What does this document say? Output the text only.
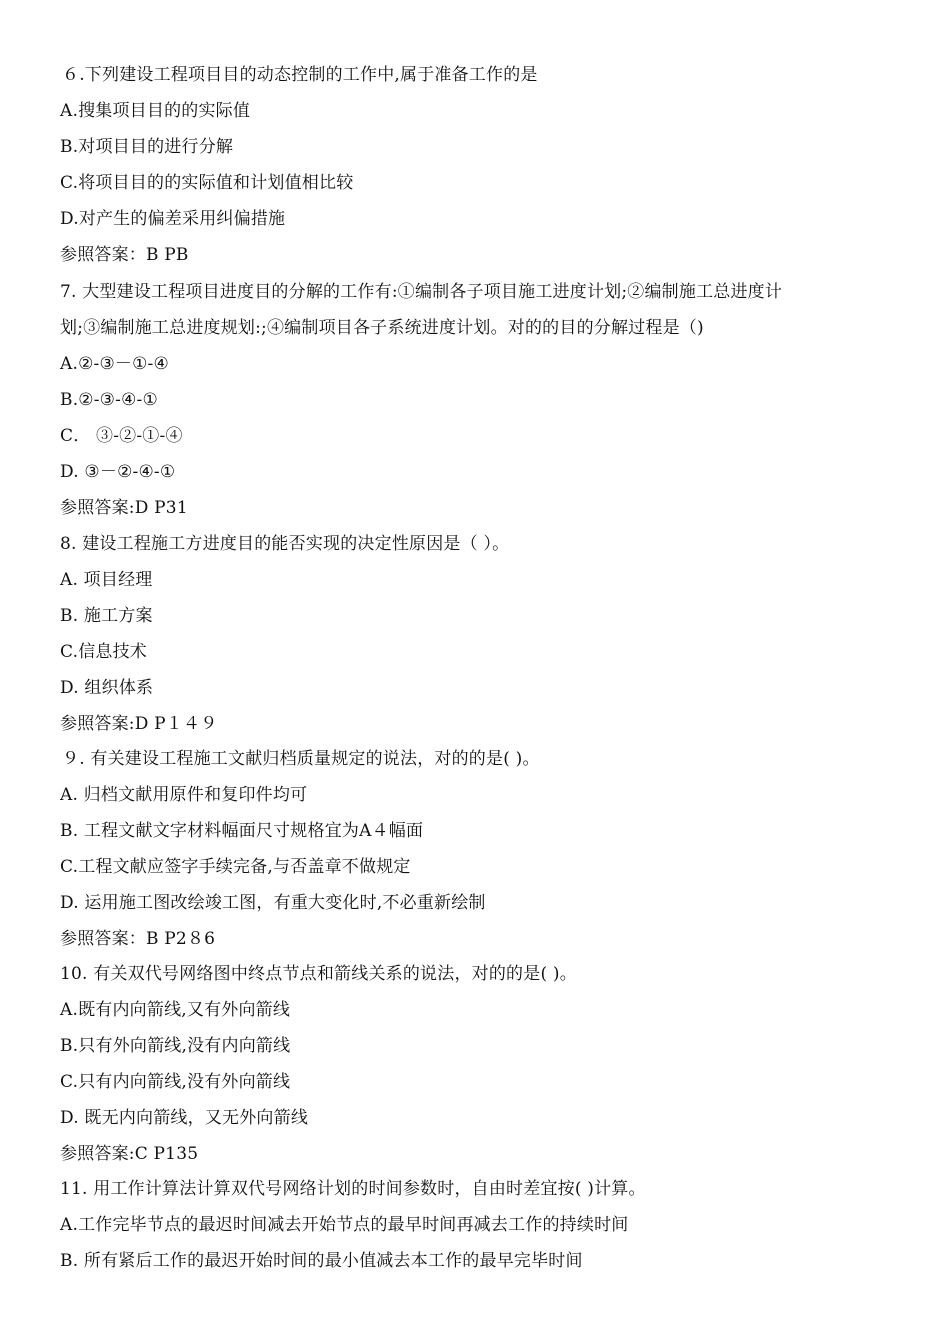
６.下列建设工程项目目的动态控制的工作中,属于准备工作的是
A.搜集项目目的的实际值
B.对项目目的进行分解
C.将项目目的的实际值和计划值相比较
D.对产生的偏差采用纠偏措施
参照答案：B PB
7. 大型建设工程项目进度目的分解的工作有:①编制各子项目施工进度计划;②编制施工总进度计
划;③编制施工总进度规划:;④编制项目各子系统进度计划。对的的目的分解过程是（)
A.②-③－①-④
B.②-③-④-①
C． ③-②-①-④
D. ③－②-④-①
参照答案:D P31
8. 建设工程施工方进度目的能否实现的决定性原因是（ ）。
A. 项目经理
B. 施工方案
C.信息技术
D. 组织体系
参照答案:D P１４９
９. 有关建设工程施工文献归档质量规定的说法，对的的是( )。
A. 归档文献用原件和复印件均可
B. 工程文献文字材料幅面尺寸规格宜为A４幅面
C.工程文献应签字手续完备,与否盖章不做规定
D. 运用施工图改绘竣工图，有重大变化时,不必重新绘制
参照答案：B P2８6
10. 有关双代号网络图中终点节点和箭线关系的说法，对的的是( )。
A.既有内向箭线,又有外向箭线
B.只有外向箭线,没有内向箭线
C.只有内向箭线,没有外向箭线
D. 既无内向箭线，又无外向箭线
参照答案:C P135
11. 用工作计算法计算双代号网络计划的时间参数时，自由时差宜按( )计算。
A.工作完毕节点的最迟时间减去开始节点的最早时间再减去工作的持续时间
B. 所有紧后工作的最迟开始时间的最小值减去本工作的最早完毕时间
